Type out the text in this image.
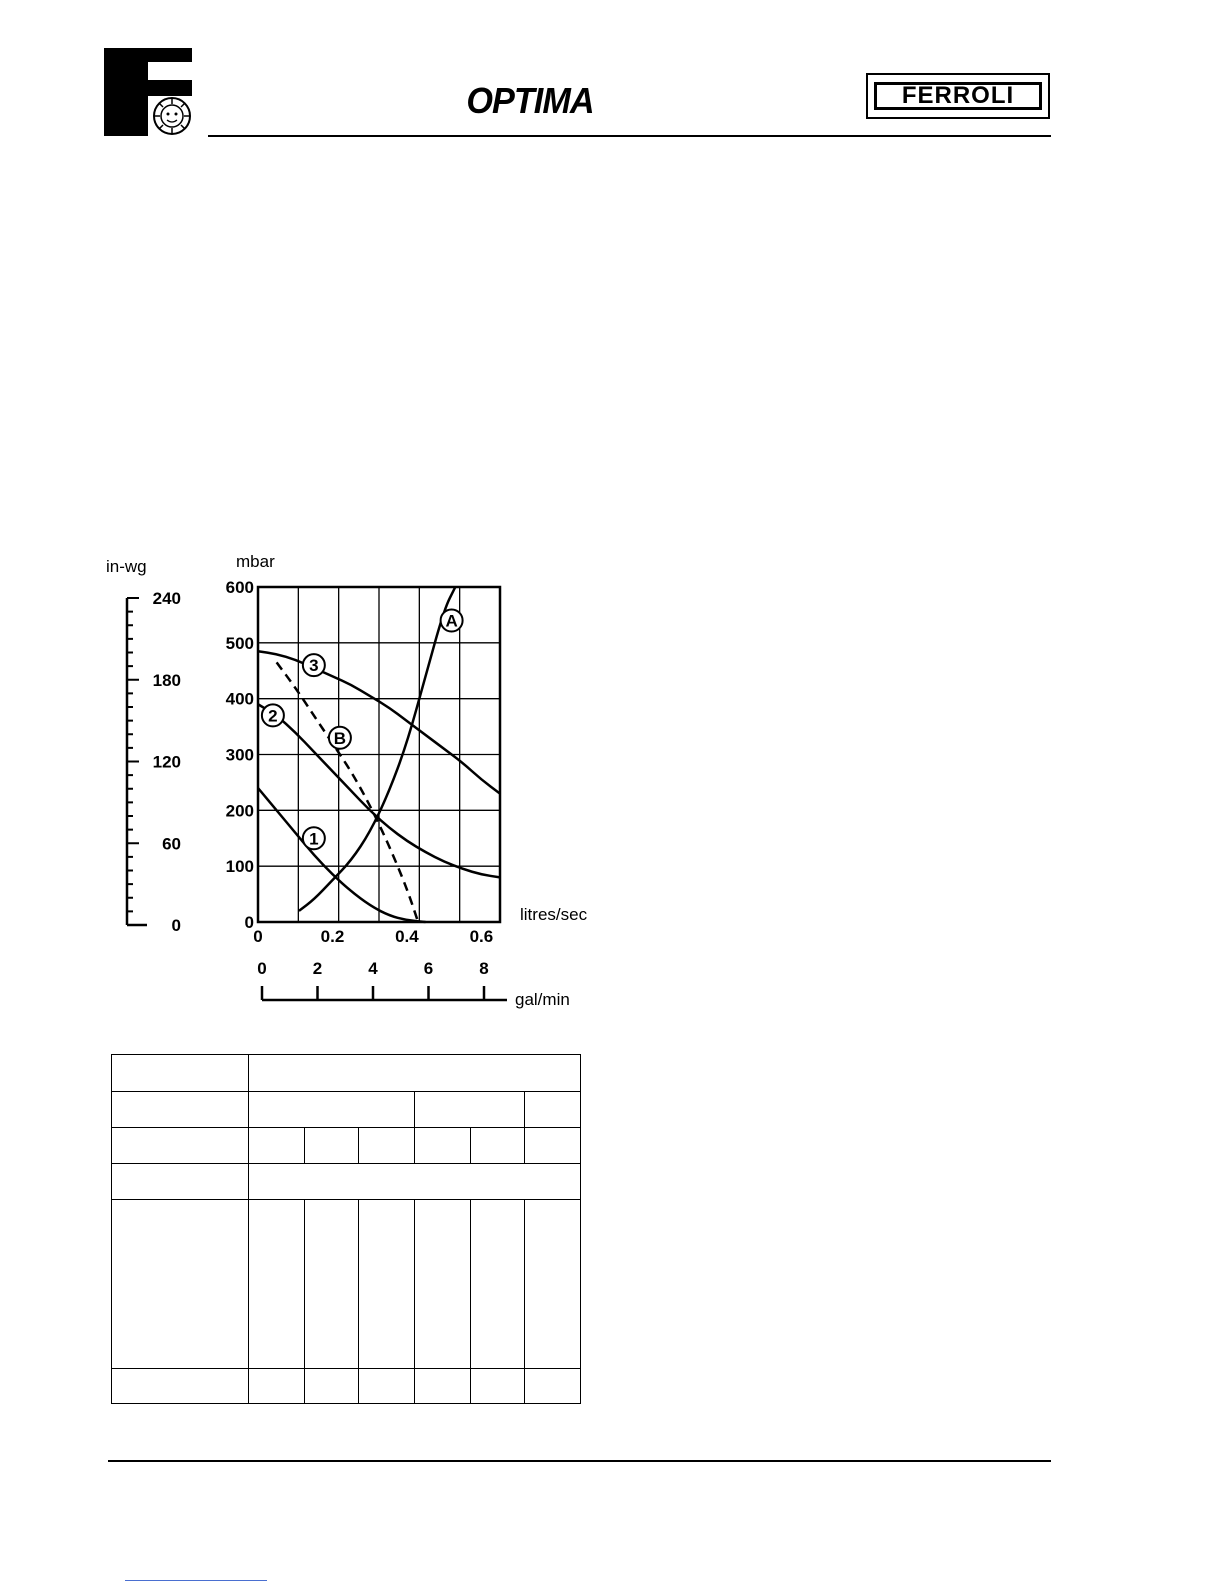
OPTIMA	FERROLI
0
100
200
300
400
500
600
mbar
0
60
120
180
240
in-wg
0	0.2	0.4	0.6
litres/sec
0	2	4	6	8
gal/min
1
2
3
A
B
